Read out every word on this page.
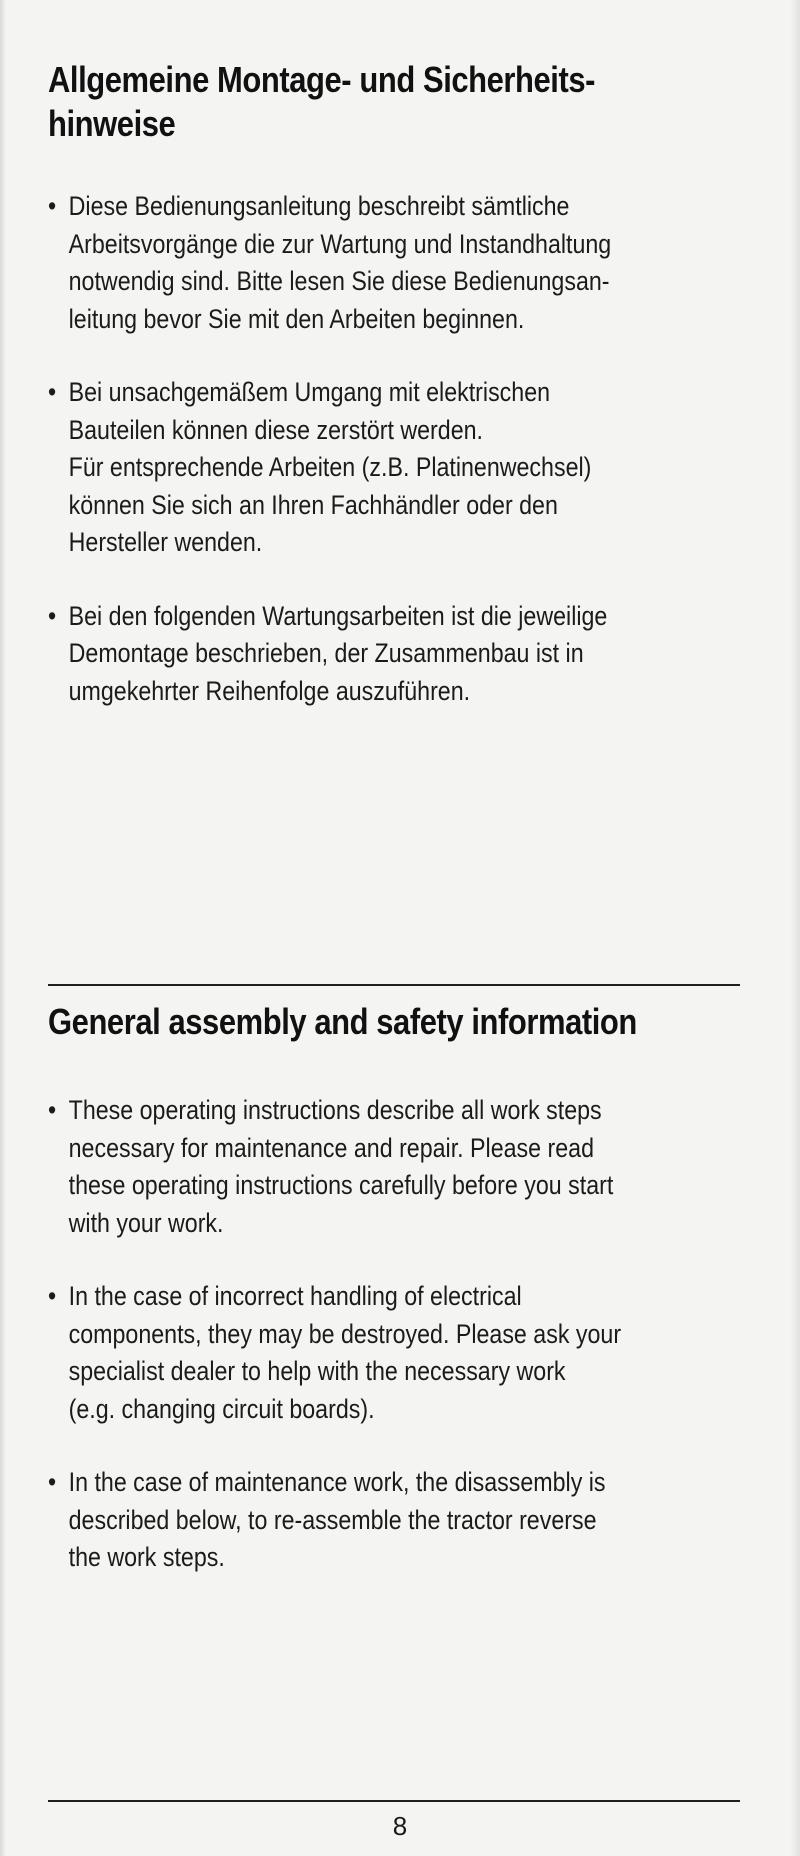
Allgemeine Montage- und Sicherheits-
hinweise
• Diese Bedienungsanleitung beschreibt sämtliche
Arbeitsvorgänge die zur Wartung und Instandhaltung
notwendig sind. Bitte lesen Sie diese Bedienungsan-
leitung bevor Sie mit den Arbeiten beginnen.
• Bei unsachgemäßem Umgang mit elektrischen
Bauteilen können diese zerstört werden.
Für entsprechende Arbeiten (z.B. Platinenwechsel)
können Sie sich an Ihren Fachhändler oder den
Hersteller wenden.
• Bei den folgenden Wartungsarbeiten ist die jeweilige
Demontage beschrieben, der Zusammenbau ist in
umgekehrter Reihenfolge auszuführen.
General assembly and safety information
• These operating instructions describe all work steps
necessary for maintenance and repair. Please read
these operating instructions carefully before you start
with your work.
• In the case of incorrect handling of electrical
components, they may be destroyed. Please ask your
specialist dealer to help with the necessary work
(e.g. changing circuit boards).
• In the case of maintenance work, the disassembly is
described below, to re-assemble the tractor reverse
the work steps.
8
